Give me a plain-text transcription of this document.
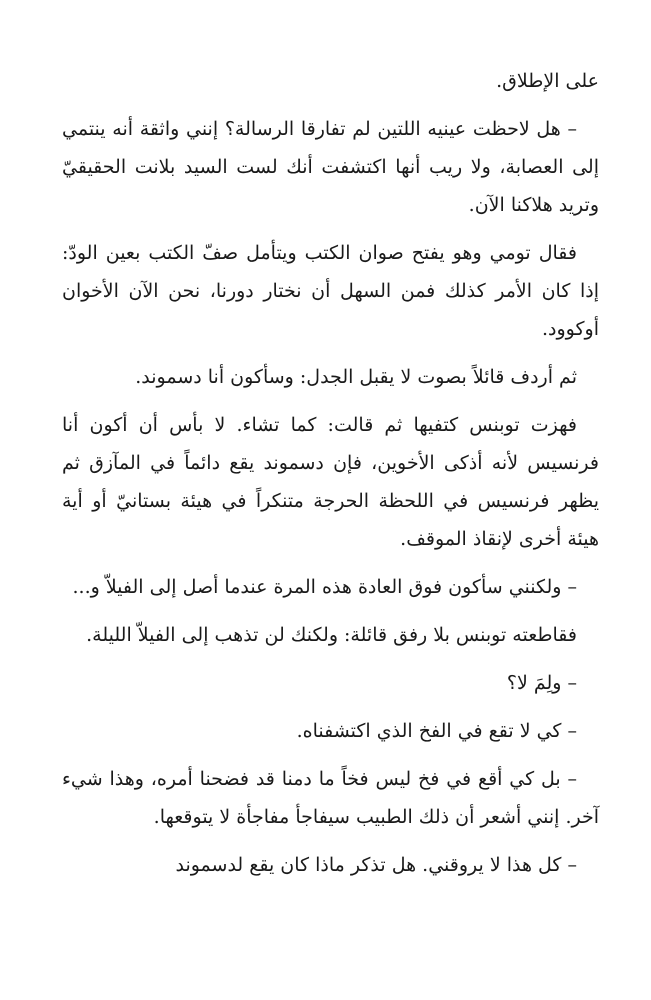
على الإطلاق.

– هل لاحظت عينيه اللتين لم تفارقا الرسالة؟ إنني واثقة أنه ينتمي إلى العصابة، ولا ريب أنها اكتشفت أنك لست السيد بلانت الحقيقيّ وتريد هلاكنا الآن.

فقال تومي وهو يفتح صوان الكتب ويتأمل صفّ الكتب بعين الودّ: إذا كان الأمر كذلك فمن السهل أن نختار دورنا، نحن الآن الأخوان أوكوود.

ثم أردف قائلاً بصوت لا يقبل الجدل: وسأكون أنا دسموند.

فهزت توبنس كتفيها ثم قالت: كما تشاء. لا بأس أن أكون أنا فرنسيس لأنه أذكى الأخوين، فإن دسموند يقع دائماً في المآزق ثم يظهر فرنسيس في اللحظة الحرجة متنكراً في هيئة بستانيّ أو أية هيئة أخرى لإنقاذ الموقف.

– ولكنني سأكون فوق العادة هذه المرة عندما أصل إلى الفيلاّ و...

فقاطعته توبنس بلا رفق قائلة: ولكنك لن تذهب إلى الفيلاّ الليلة.

– ولِمَ لا؟

– كي لا تقع في الفخ الذي اكتشفناه.

– بل كي أقع في فخ ليس فخاً ما دمنا قد فضحنا أمره، وهذا شيء آخر. إنني أشعر أن ذلك الطبيب سيفاجأ مفاجأة لا يتوقعها.

– كل هذا لا يروقني. هل تذكر ماذا كان يقع لدسموند
